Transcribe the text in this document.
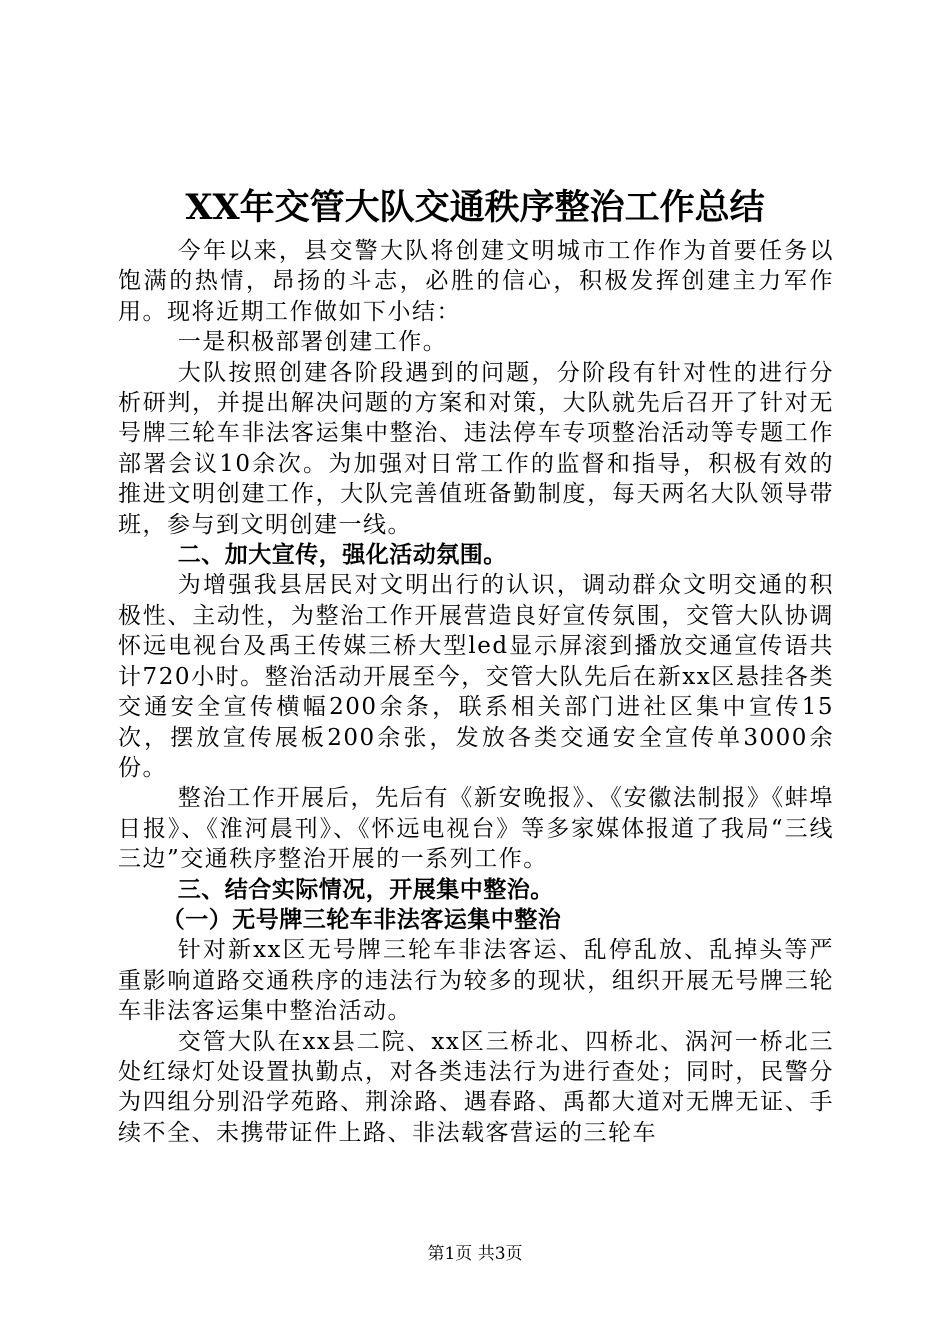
XX年交管大队交通秩序整治工作总结

今年以来，县交警大队将创建文明城市工作作为首要任务以饱满的热情，昂扬的斗志，必胜的信心，积极发挥创建主力军作用。现将近期工作做如下小结：

一是积极部署创建工作。

大队按照创建各阶段遇到的问题，分阶段有针对性的进行分析研判，并提出解决问题的方案和对策，大队就先后召开了针对无号牌三轮车非法客运集中整治、违法停车专项整治活动等专题工作部署会议10余次。为加强对日常工作的监督和指导，积极有效的推进文明创建工作，大队完善值班备勤制度，每天两名大队领导带班，参与到文明创建一线。

二、加大宣传，强化活动氛围。

为增强我县居民对文明出行的认识，调动群众文明交通的积极性、主动性，为整治工作开展营造良好宣传氛围，交管大队协调怀远电视台及禹王传媒三桥大型led显示屏滚到播放交通宣传语共计720小时。整治活动开展至今，交管大队先后在新xx区悬挂各类交通安全宣传横幅200余条，联系相关部门进社区集中宣传15次，摆放宣传展板200余张，发放各类交通安全宣传单3000余份。

整治工作开展后，先后有《新安晚报》、《安徽法制报》《蚌埠日报》、《淮河晨刊》、《怀远电视台》等多家媒体报道了我局“三线三边”交通秩序整治开展的一系列工作。

三、结合实际情况，开展集中整治。

（一）无号牌三轮车非法客运集中整治

针对新xx区无号牌三轮车非法客运、乱停乱放、乱掉头等严重影响道路交通秩序的违法行为较多的现状，组织开展无号牌三轮车非法客运集中整治活动。

交管大队在xx县二院、xx区三桥北、四桥北、涡河一桥北三处红绿灯处设置执勤点，对各类违法行为进行查处；同时，民警分为四组分别沿学苑路、荆涂路、遇春路、禹都大道对无牌无证、手续不全、未携带证件上路、非法载客营运的三轮车

第1页 共3页
